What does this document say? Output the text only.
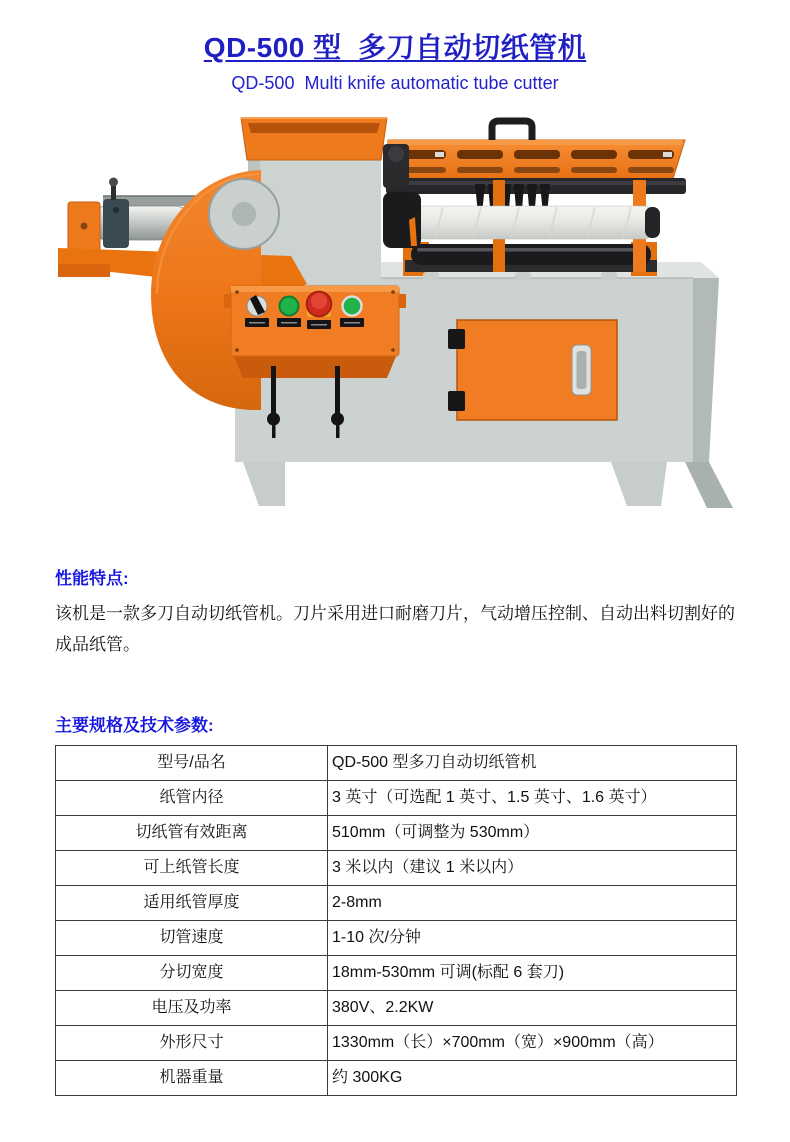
QD-500 型  多刀自动切纸管机
QD-500  Multi knife automatic tube cutter
性能特点:

该机是一款多刀自动切纸管机。刀片采用进口耐磨刀片，气动增压控制、自动出料切割好的成品纸管。

主要规格及技术参数:
型号/品名	QD-500 型多刀自动切纸管机
纸管内径	3 英寸（可选配 1 英寸、1.5 英寸、1.6 英寸）
切纸管有效距离	510mm（可调整为 530mm）
可上纸管长度	3 米以内（建议 1 米以内）
适用纸管厚度	2-8mm
切管速度	1-10 次/分钟
分切宽度	18mm-530mm 可调(标配 6 套刀)
电压及功率	380V、2.2KW
外形尺寸	1330mm（长）×700mm（宽）×900mm（高）
机器重量	约 300KG
